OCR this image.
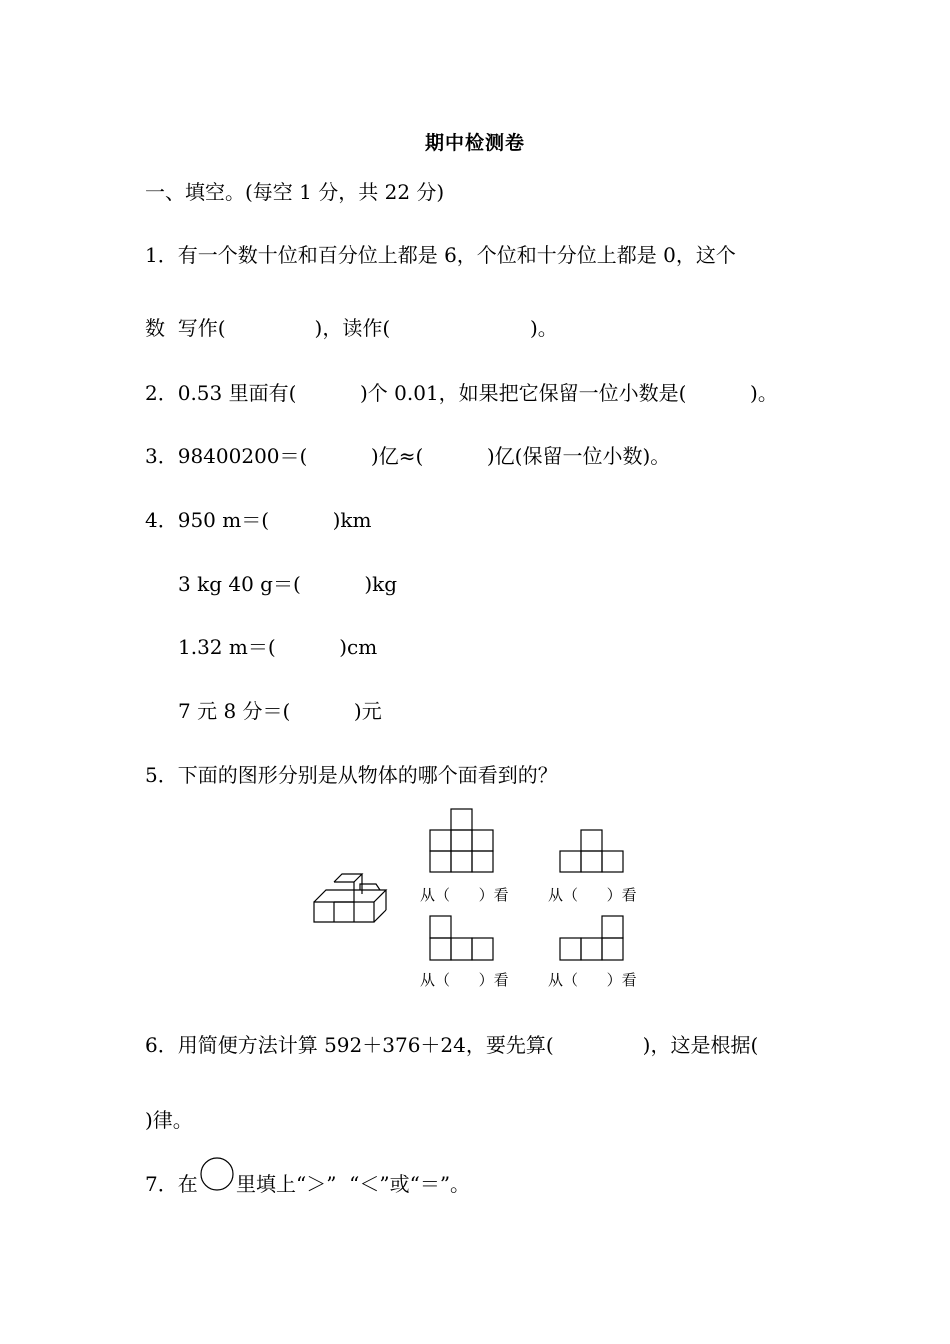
期中检测卷
一、填空。(每空 1 分，共 22 分)
1．有一个数十位和百分位上都是 6，个位和十分位上都是 0，这个
数  写作(              )，读作(                      )。
2．0.53 里面有(          )个 0.01，如果把它保留一位小数是(          )。
3．98400200＝(          )亿≈(          )亿(保留一位小数)。
4．950 m＝(          )km
3 kg 40 g＝(          )kg
1.32 m＝(          )cm
7 元 8 分＝(          )元
5．下面的图形分别是从物体的哪个面看到的？
从（      ）看	从（      ）看
从（      ）看	从（      ）看
6．用简便方法计算 592＋376＋24，要先算(              )，这是根据(
)律。
7．在 里填上“＞”  “＜”或“＝”。
